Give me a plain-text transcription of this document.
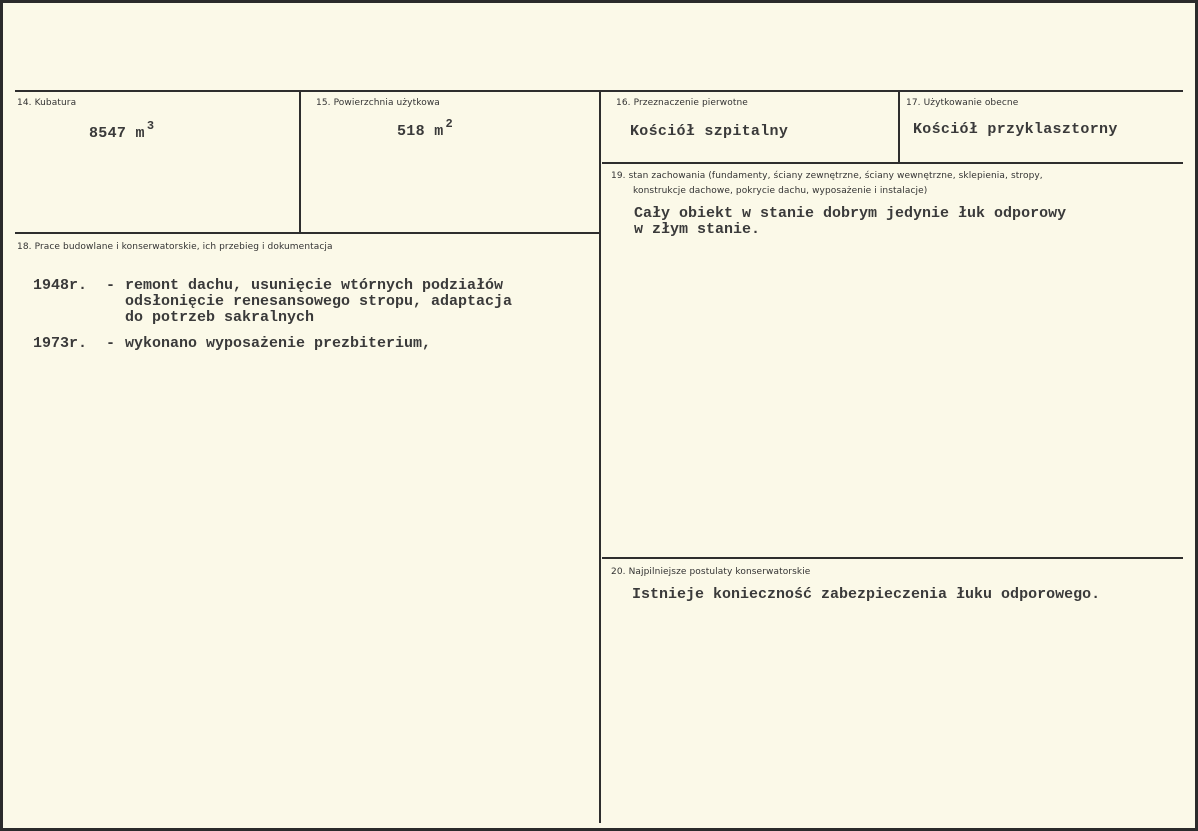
14. Kubatura
8547 m $^3$
15. Powierzchnia użytkowa
518 m $^2$
16. Przeznaczenie pierwotne
Kościół szpitalny
17. Użytkowanie obecne
Kościół przyklasztorny
18. Prace budowlane i konserwatorskie, ich przebieg i dokumentacja
1948r. - remont dachu, usunięcie wtórnych podziałów
odsłonięcie renesansowego stropu, adaptacja
do potrzeb sakralnych
1973r. - wykonano wyposażenie prezbiterium,
19. stan zachowania (fundamenty, ściany zewnętrzne, ściany wewnętrzne, sklepienia, stropy,
konstrukcje dachowe, pokrycie dachu, wyposażenie i instalacje)
Cały obiekt w stanie dobrym jedynie łuk odporowy
w złym stanie.
20. Najpilniejsze postulaty konserwatorskie
Istnieje konieczność zabezpieczenia łuku odporowego.
